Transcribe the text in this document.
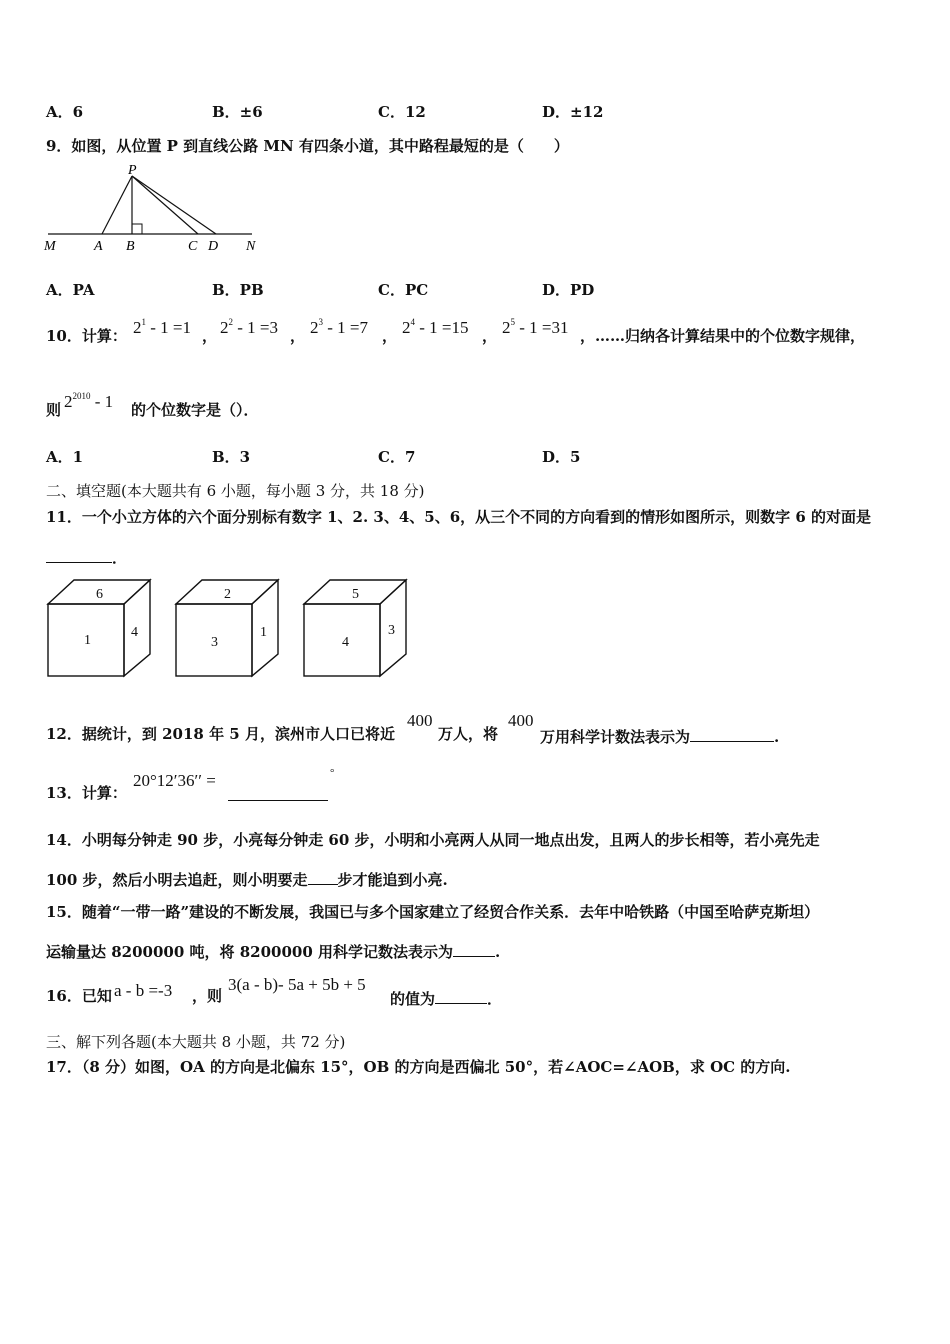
A．6	B．±6	C．12	D．±12
9．如图，从位置 P 到直线公路 MN 有四条小道，其中路程最短的是（　　）
P
M	A B	C D N
A．PA	B．PB	C．PC	D．PD
10．计算： $2^1 - 1 =1$ ， $2^2 - 1 =3$ ， $2^3 - 1 =7$ ， $2^4 - 1 =15$ ， $2^5 - 1 =31$ ，……归纳各计算结果中的个位数字规律，
则 $2^{2010} - 1$ 的个位数字是（）．
A．1	B．3	C．7	D．5
二、填空题(本大题共有 6 小题，每小题 3 分，共 18 分)
11．一个小立方体的六个面分别标有数字 1、2. 3、4、5、6，从三个不同的方向看到的情形如图所示，则数字 6 的对面是
．
6
1
4
2
3
1
5
4
3
12．据统计，到 2018 年 5 月，滨州市人口已将近
400
万人，将
400
万用科学计数法表示为	.
13．计算：
20°12′36′′ =	°
14．小明每分钟走 90 步，小亮每分钟走 60 步，小明和小亮两人从同一地点出发，且两人的步长相等，若小亮先走
100 步，然后小明去追赶，则小明要走 步才能追到小亮.
15．随着“一带一路”建设的不断发展，我国已与多个国家建立了经贸合作关系．去年中哈铁路（中国至哈萨克斯坦）
运输量达 8200000 吨，将 8200000 用科学记数法表示为	.
16．已知 a - b =-3 ，则
3(a - b)- 5a + 5b + 5
的值为	．
三、解下列各题(本大题共 8 小题，共 72 分)
17．（8 分）如图，OA 的方向是北偏东 15°，OB 的方向是西偏北 50°，若∠AOC=∠AOB，求 OC 的方向.
